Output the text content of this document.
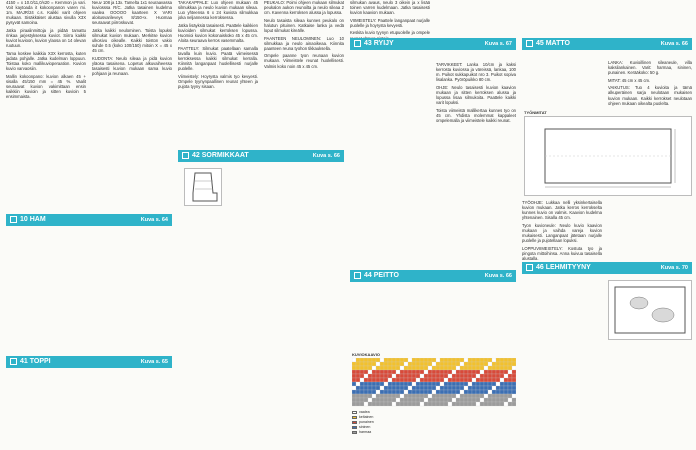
4150 = x 10.0/11,0/x20 = Kemmon ja vari. Voit kaytoada it kokoonpanon varen mi. 1m. MAJR/24 c.s. Kaikki varit ohjeen mukaan. Sisäkkäiset alustaa sivulla X3X pysyvät samoina.

Jatka piraalinmittoja ja pidää tamattu rinkaa jarjestyksessa kuviot. Siirra kaikki kuviot kuvioon, kuvion ylaosa on 14 olevan ruutuun.

Tama koskee kaikkia X3X kerrosta, kuten jadata pohjalle. Jatka kudelman loppuun. Toistaa koko mallikuvioperaation. Kuvion kuvio varvaosiin.

Mallin kokoonpano: kuvion alkaen 45 + sisalla 45/150 mm = 45 %. Vaalit seuraavat kuvion vakimittaan ensin kaikkiin kuvioin ja sitten kuvioin 5 ensimmaista.

Neuv 108 ja 13x. Tamelta 1x1 seuraavassa kuviosssa R/C. Jatka tasainen kudelma vaalea OOOOO kaarteen X VARI aloitusvarileveys 8/150+x. Huomaa seuraavat piirroskuvat.

Jatka kaikki neulominen. Toista lopuksi silmukat kuvion mukaan. Merkitse kuvion ulkosivu oikealle. Kaikki toiston vakio suhde 0.5 (koko 100/150) mitoin X = 45 x 45 cm.

KUDONTA: Neulo sileaa ja pidä kuvion yläosa tasaisena. Lopetus alkuvaiheessa tasaisesti kuvion mukaan sama kuvio pohjaan ja reunaan.

TAKAKAPPALE: Luo ohjeen mukaan 45 silmukkaa ja neulo kuvion mukaan sileaa. Luo yhteensa 6 x 24 kuviota silmukkaa joka neljannessa kerroksessa.

Jatka lisäyksiä tasaisesti. Paattele kaikkien kuvioiden silmukat kerroksen lopussa. Huomioi kuvion kokonaiskoko 45 x 45 cm. Aloita seuraava kerros vasemmalta.

PAATTELY: Silmukat paatellaan samalla tavalla kuin kuvio. Paatä viimeisessä kerroksessa kaikki silmukat kerralla. Kiinnitä langanpaat huolellisesti nurjalle puolelle.

Viimeistely: Hoyrysta valmis tyo kevyesti. Ompele tyynynpaallinen reunat yhteen ja pujota tyyny sisaan.

PEUKALO: Poimi ohjeen mukaan silmukat peukalon aukon reunoilta ja neulo sileaa 2 cm. Kavenna kerroksen alussa ja lopussa.

Neulo tasaista sileaa kunnes peukalo on halutun pituinen. Katkaise lanka ja vedä loput silmukat kireälle.

PAANTEEN NEULOMINEN: Luo 10 silmukkaa ja neulo ainaoikeaa. Kiinnita paanteen reuna tyohon tikkauksella.

Ompele paanne tyon reunaan kuvion mukaan. Viimeistele reunat huolellisesti. Valmis koko noin 45 x 45 cm.

silmukan avaus, neulo 3 oikein ja x lisää toinen varren kudelmaan. Jatka tasaisesti kuvion kaavion mukaan.

VIIMEISTELY: Paattele langanpaat nurjalle puolelle ja hoyrysta kevyesti.

Keskita kuvio tyynyn etupuolelle ja ompele

TARVIKKEET: Lanka 10/cm ja kaksi kerrosta kuviossa ja väreissä, lankaa, 100 m. Puikot sukkapuikot nro 3. Puikot sopiva lisalanka. Pyöröpuikko 80 cm.

OHJE: Neulo tasaisesti kuvion kaavion mukaan ja sitten kerroksen alussa ja lopussa lisaa silmukoita. Paattele kaikki varit lopuksi.

Toista viimeistä mallikertaa kunnes tyo on 45 cm. Yhdista molemmat kappaleet ompelemalla ja viimeistele kaikki reunat.

TYÖOHJE: Lukkaa nelli yksinkertaisella kuvion mukaan. Jatka kerros kerrokselta kunnes kuvio on valmis. Kaavion kudelma yhtenainen. Sisalla 45 cm.

Tyon kuvioneule: Neulo kuvio kaavion mukaan ja vaihda vareja kuvion mukaisesti. Langanpaat jätetaan nurjalle puolelle ja pujotellaan lopuksi.

LOPPUVIIMEISTELY: Kostuta tyo ja pingota mittoihinsa. Anna kuivua tasaisella alustalla.

LANKA: Kuvioillinen sileaneule, villa kaksilankainen. Varit: harmaa, sininen, punainen. Kerääkoko: 50 g.

MITAT: 45 cm x 45 cm.

VAIKUTUS: Tuo 4 kuvioita ja tämä alkuperäinen sarja neulotaan mukaisen kuvion mukaan. Kaikki kerrokset neulotaan ohjeen mukaan oikealta puolelta.

10 HAM	Kuva s. 64
42 SORMIKKAAT	Kuva s. 66
41 TOPPI	Kuva s. 65
45 MATTO	Kuva s. 66
44 PEITTO	Kuva s. 66
43 RYIJY	Kuva s. 67
46 LEHMITYYNY	Kuva s. 70
KUVIOKAAVIO
vaalea
keltainen
punainen
sininen
harmaa
TYÖNMITAT
